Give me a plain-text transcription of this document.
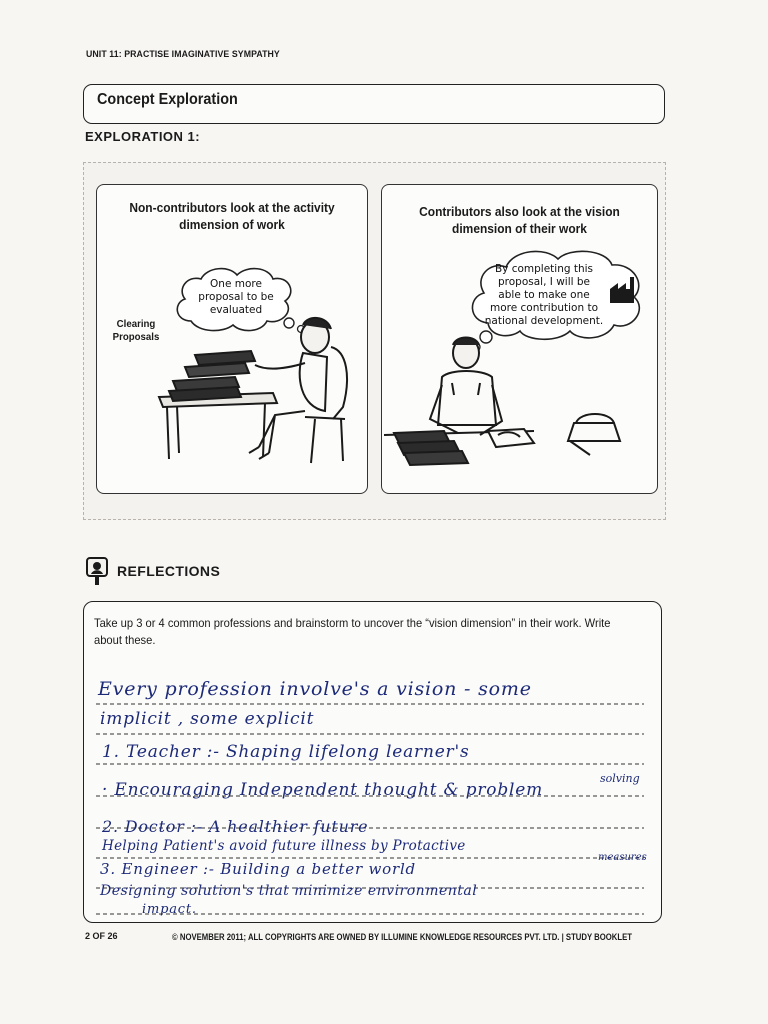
UNIT 11: PRACTISE IMAGINATIVE SYMPATHY
Concept Exploration
EXPLORATION 1:
Non-contributors look at the activity
dimension of work
One more
proposal to be
evaluated
Clearing
Proposals
Contributors also look at the vision
dimension of their work
By completing this
proposal, I will be
able to make one
more contribution to
national development.
REFLECTIONS
Take up 3 or 4 common professions and brainstorm to uncover the “vision dimension” in their work. Write about these.
Every profession involve's a vision - some
implicit , some explicit
1. Teacher :- Shaping lifelong learner's
· Encouraging Independent thought & problem
solving
2. Doctor :- A healthier future
Helping Patient's avoid future illness by Protactive
measures
3. Engineer :- Building a better world
Designing solution's that minimize environmental
impact.
2 OF 26	© NOVEMBER 2011; ALL COPYRIGHTS ARE OWNED BY ILLUMINE KNOWLEDGE RESOURCES PVT. LTD. | STUDY BOOKLET
